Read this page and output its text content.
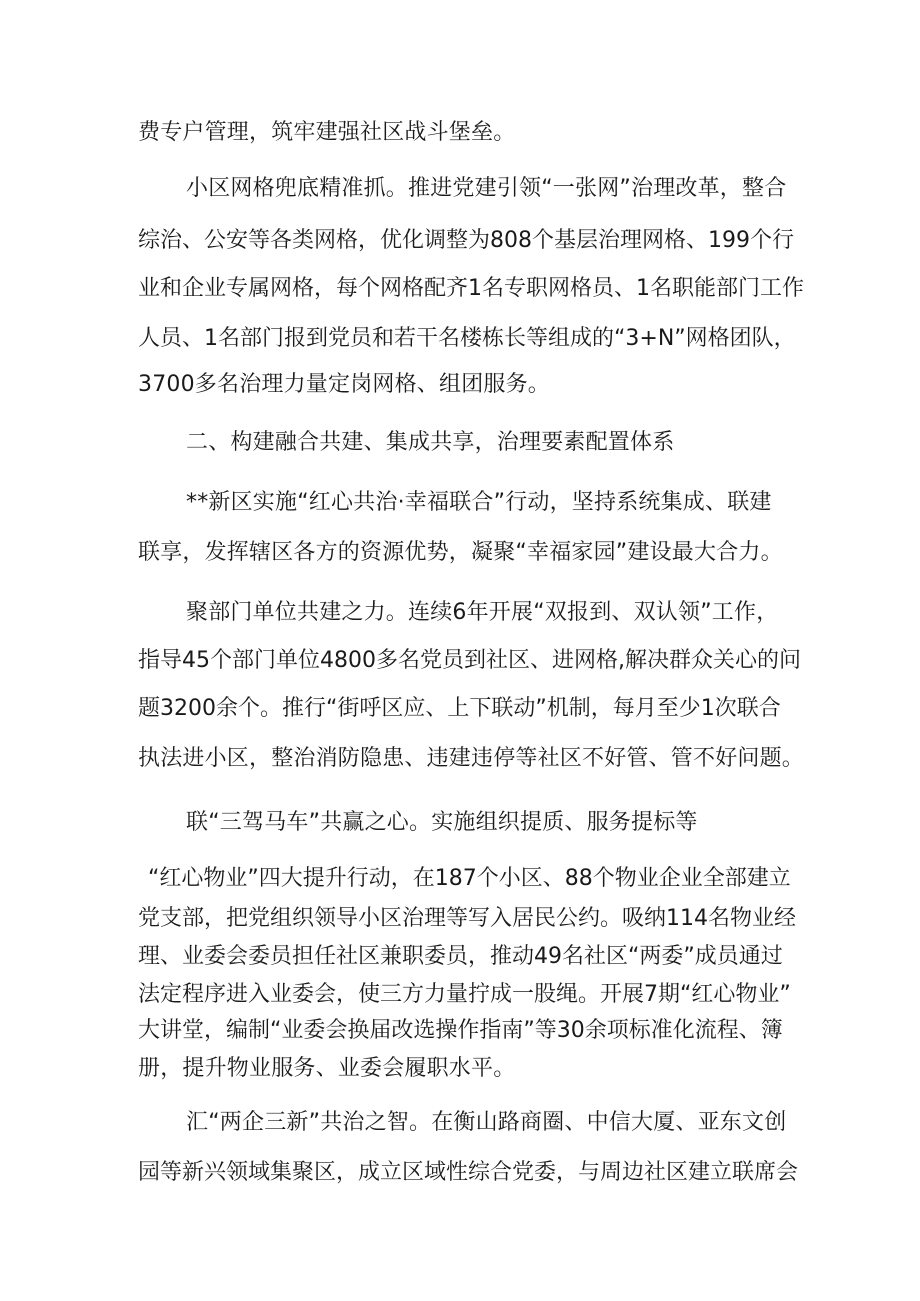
费专户管理，筑牢建强社区战斗堡垒。
小区网格兜底精准抓。推进党建引领“一张网”治理改革，整合
综治、公安等各类网格，优化调整为808个基层治理网格、199个行
业和企业专属网格，每个网格配齐1名专职网格员、1名职能部门工作
人员、1名部门报到党员和若干名楼栋长等组成的“3+N”网格团队，
3700多名治理力量定岗网格、组团服务。
二、构建融合共建、集成共享，治理要素配置体系
**新区实施“红心共治·幸福联合”行动，坚持系统集成、联建
联享，发挥辖区各方的资源优势，凝聚“幸福家园”建设最大合力。
聚部门单位共建之力。连续6年开展“双报到、双认领”工作，
指导45个部门单位4800多名党员到社区、进网格,解决群众关心的问
题3200余个。推行“街呼区应、上下联动”机制，每月至少1次联合
执法进小区，整治消防隐患、违建违停等社区不好管、管不好问题。
联“三驾马车”共赢之心。实施组织提质、服务提标等
“红心物业”四大提升行动，在187个小区、88个物业企业全部建立
党支部，把党组织领导小区治理等写入居民公约。吸纳114名物业经
理、业委会委员担任社区兼职委员，推动49名社区“两委”成员通过
法定程序进入业委会，使三方力量拧成一股绳。开展7期“红心物业”
大讲堂，编制“业委会换届改选操作指南”等30余项标准化流程、簿
册，提升物业服务、业委会履职水平。
汇“两企三新”共治之智。在衡山路商圈、中信大厦、亚东文创
园等新兴领域集聚区，成立区域性综合党委，与周边社区建立联席会
